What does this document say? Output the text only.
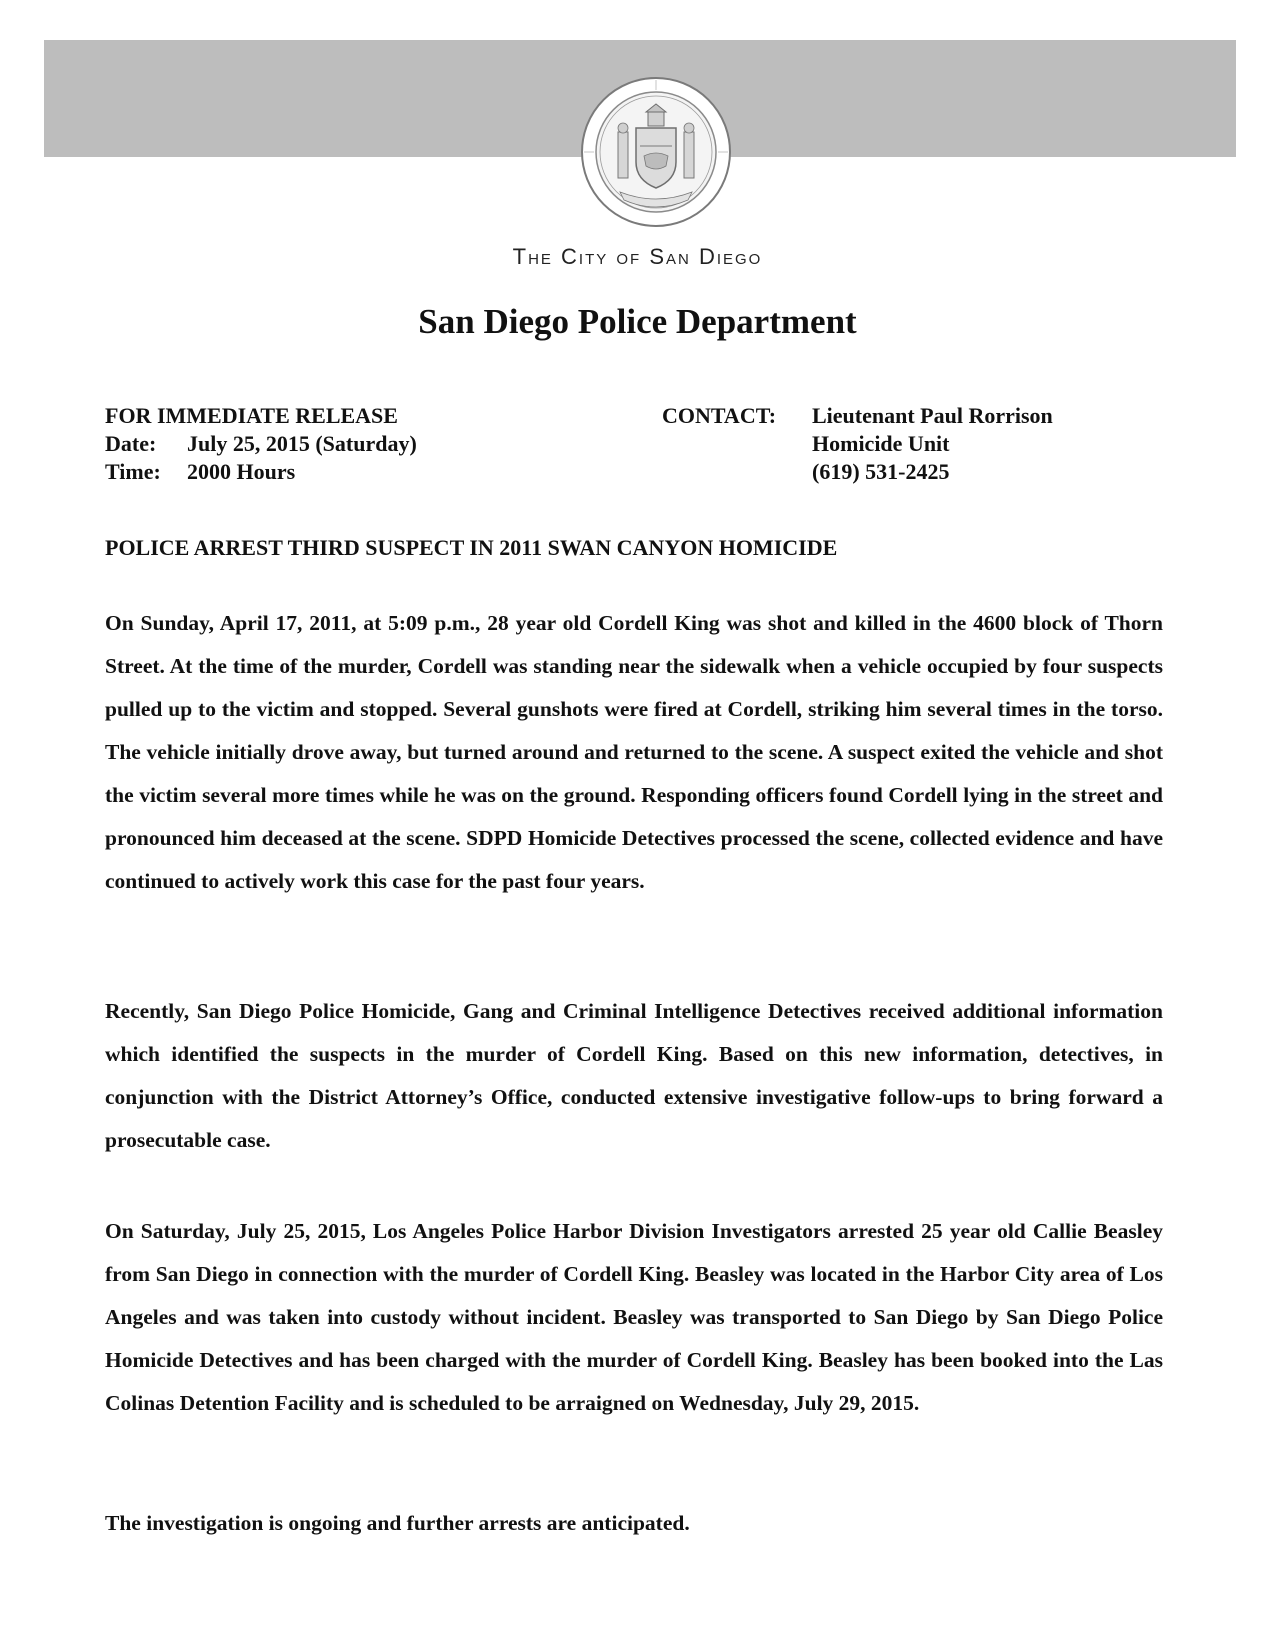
The City of San Diego
San Diego Police Department
FOR IMMEDIATE RELEASE
Date:	July 25, 2015 (Saturday)
Time:	2000 Hours
CONTACT:	Lieutenant Paul Rorrison
Homicide Unit
(619) 531-2425
POLICE ARREST THIRD SUSPECT IN 2011 SWAN CANYON HOMICIDE

On Sunday, April 17, 2011, at 5:09 p.m., 28 year old Cordell King was shot and killed in the 4600 block of Thorn Street. At the time of the murder, Cordell was standing near the sidewalk when a vehicle occupied by four suspects pulled up to the victim and stopped. Several gunshots were fired at Cordell, striking him several times in the torso. The vehicle initially drove away, but turned around and returned to the scene. A suspect exited the vehicle and shot the victim several more times while he was on the ground. Responding officers found Cordell lying in the street and pronounced him deceased at the scene. SDPD Homicide Detectives processed the scene, collected evidence and have continued to actively work this case for the past four years.

Recently, San Diego Police Homicide, Gang and Criminal Intelligence Detectives received additional information which identified the suspects in the murder of Cordell King. Based on this new information, detectives, in conjunction with the District Attorney’s Office, conducted extensive investigative follow-ups to bring forward a prosecutable case.

On Saturday, July 25, 2015, Los Angeles Police Harbor Division Investigators arrested 25 year old Callie Beasley from San Diego in connection with the murder of Cordell King. Beasley was located in the Harbor City area of Los Angeles and was taken into custody without incident. Beasley was transported to San Diego by San Diego Police Homicide Detectives and has been charged with the murder of Cordell King. Beasley has been booked into the Las Colinas Detention Facility and is scheduled to be arraigned on Wednesday, July 29, 2015.

The investigation is ongoing and further arrests are anticipated.
